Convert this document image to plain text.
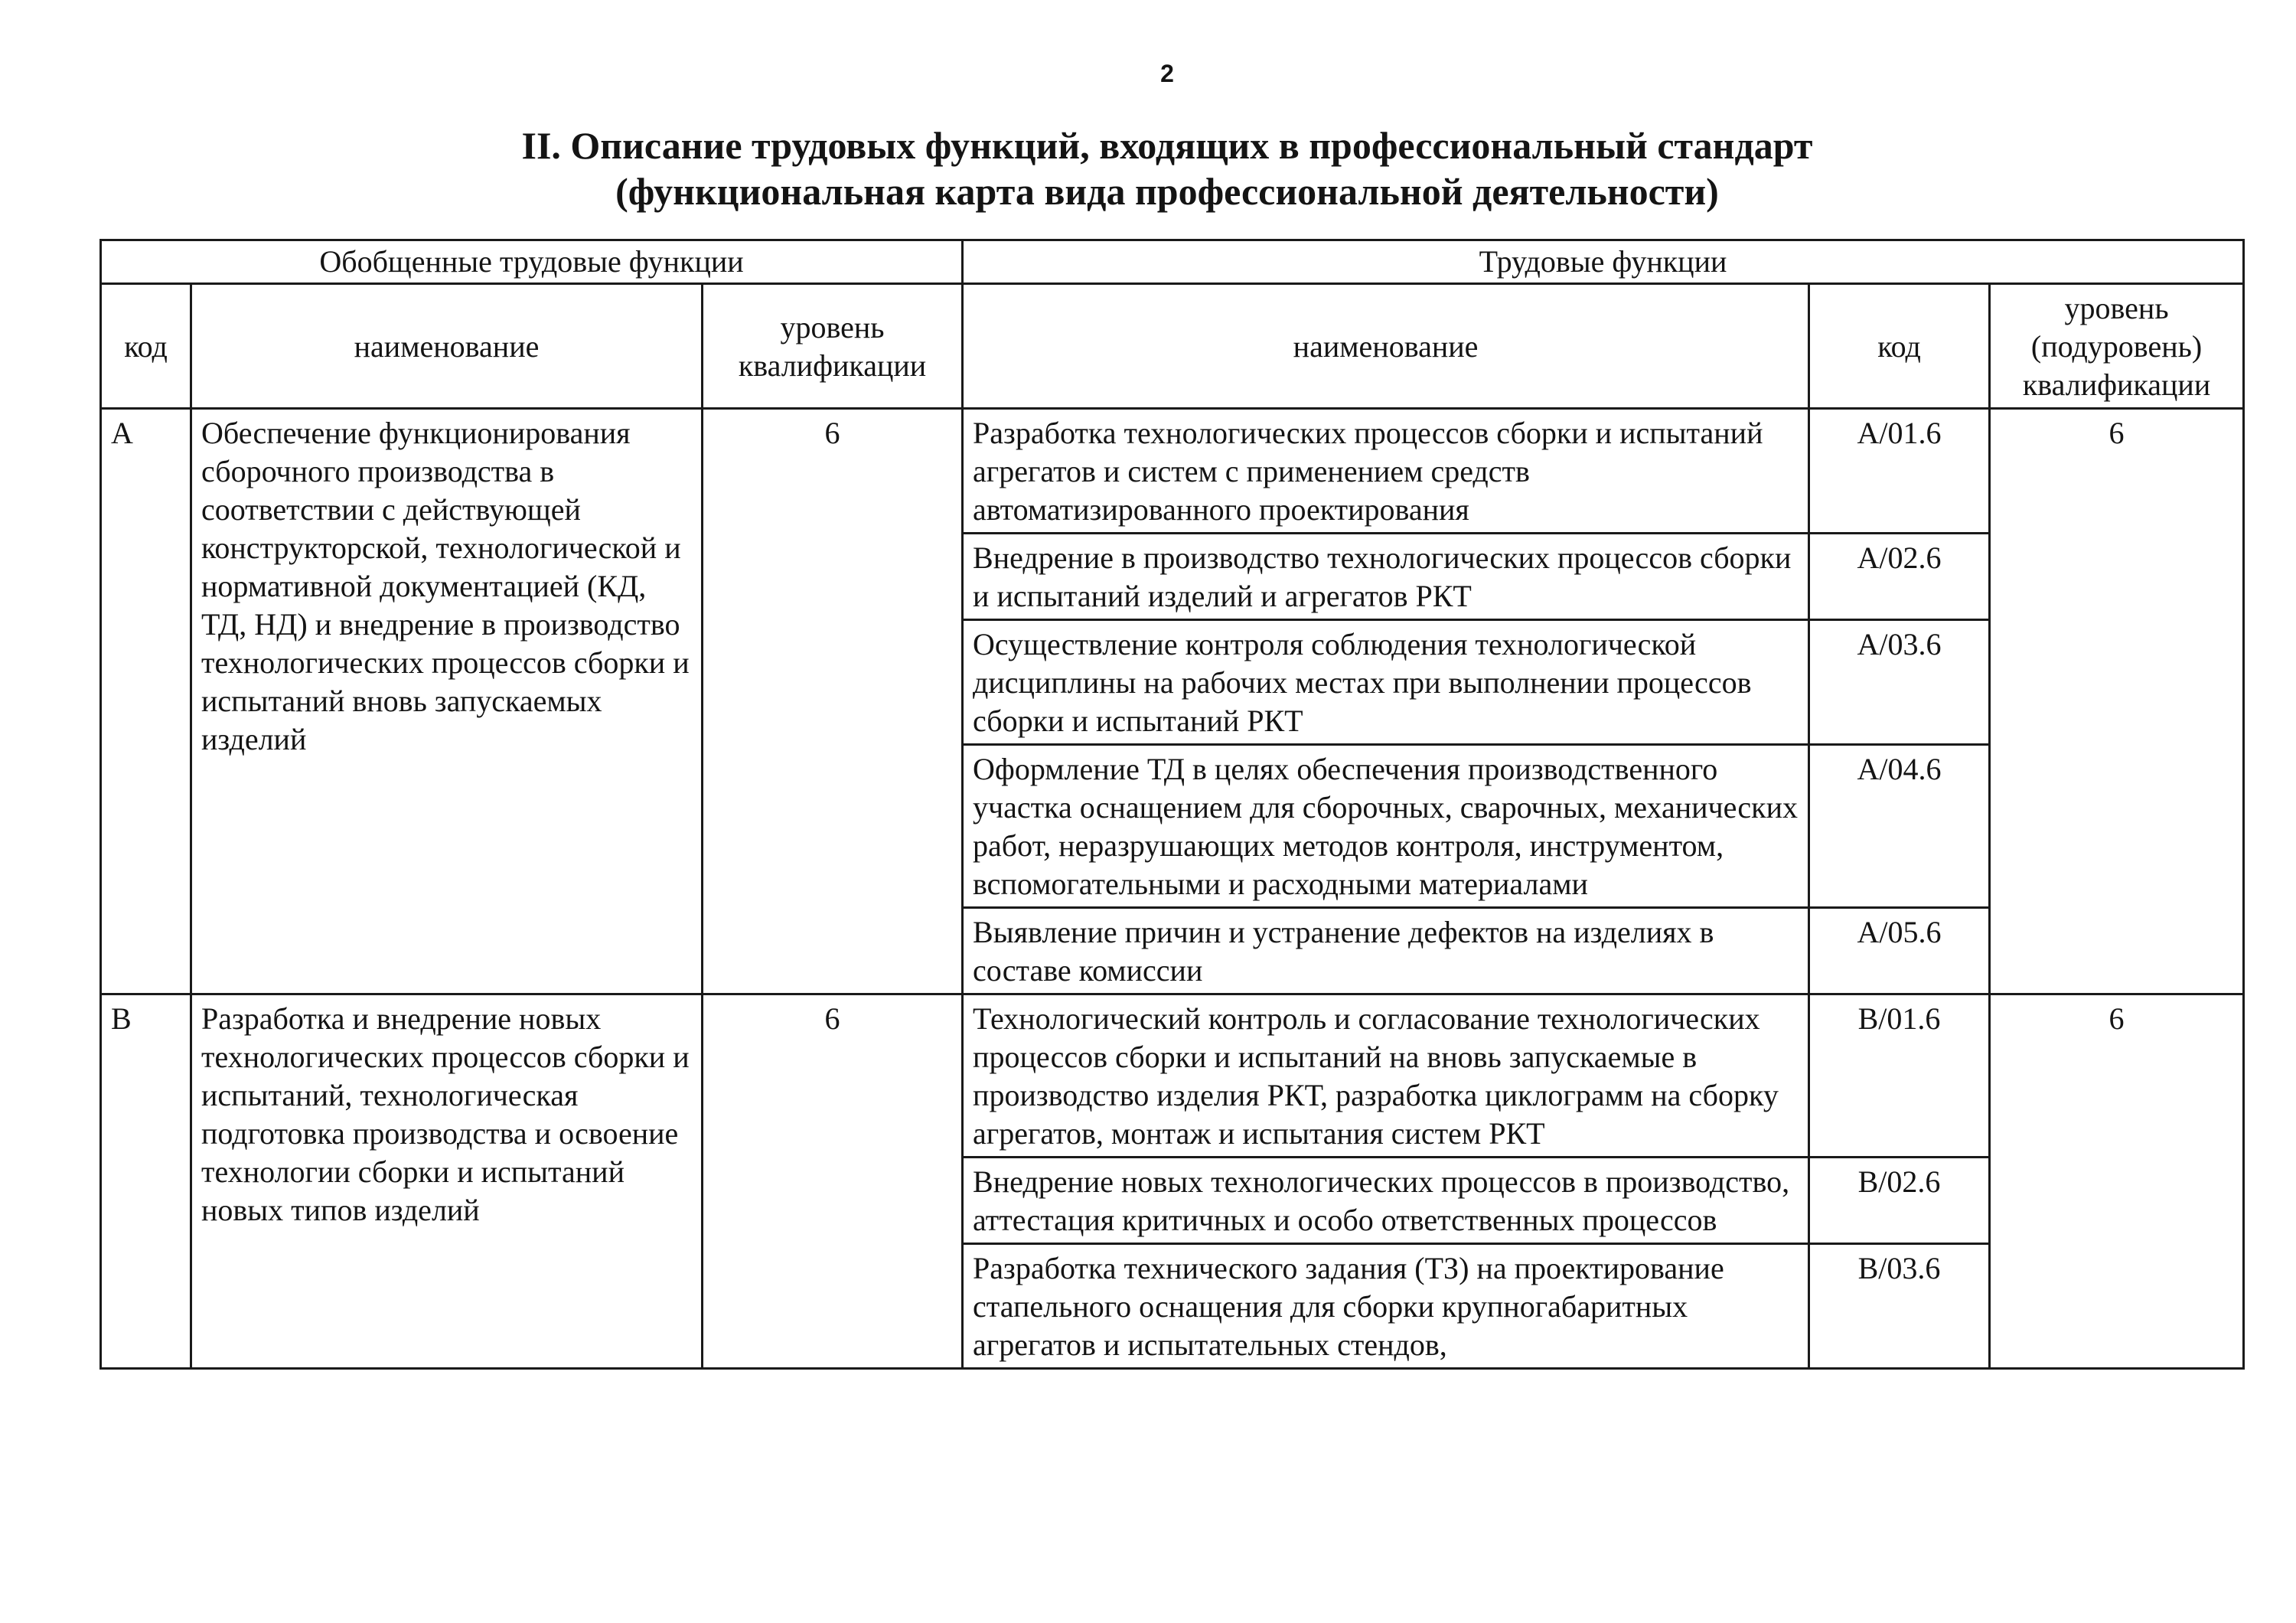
2
II. Описание трудовых функций, входящих в профессиональный стандарт
(функциональная карта вида профессиональной деятельности)
Обобщенные трудовые функции			Трудовые функции		
код	наименование	уровень квалификации	наименование	код	уровень (подуровень) квалификации
A	Обеспечение функционирования сборочного производства в соответствии с действующей конструкторской, технологической и нормативной документацией (КД, ТД, НД) и внедрение в производство технологических процессов сборки и испытаний вновь запускаемых изделий	6	Разработка технологических процессов сборки и испытаний агрегатов и систем с применением средств автоматизированного проектирования	A/01.6	6
			Внедрение в производство технологических процессов сборки и испытаний изделий и агрегатов РКТ	A/02.6	
			Осуществление контроля соблюдения технологической дисциплины на рабочих местах при выполнении процессов сборки и испытаний РКТ	A/03.6	
			Оформление ТД в целях обеспечения производственного участка оснащением для сборочных, сварочных, механических работ, неразрушающих методов контроля, инструментом, вспомогательными и расходными материалами	A/04.6	
			Выявление причин и устранение дефектов на изделиях в составе комиссии	A/05.6	
B	Разработка и внедрение новых технологических процессов сборки и испытаний, технологическая подготовка производства и освоение технологии сборки и испытаний новых типов изделий	6	Технологический контроль и согласование технологических процессов сборки и испытаний на вновь запускаемые в производство изделия РКТ, разработка циклограмм на сборку агрегатов, монтаж и испытания систем РКТ	B/01.6	6
			Внедрение новых технологических процессов в производство, аттестация критичных и особо ответственных процессов	B/02.6	
			Разработка технического задания (ТЗ) на проектирование стапельного оснащения для сборки крупногабаритных агрегатов и испытательных стендов,	B/03.6	
